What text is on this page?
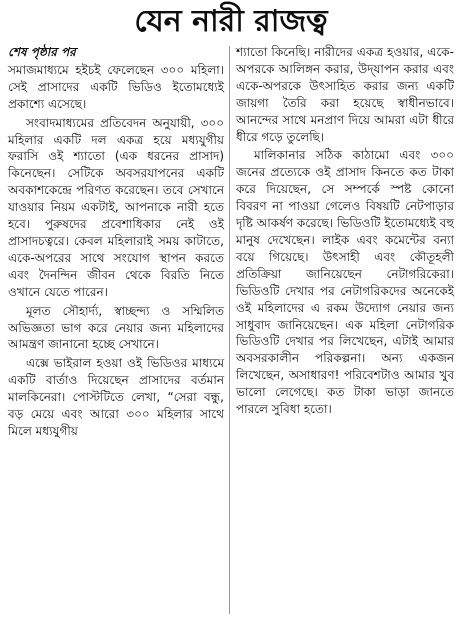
যেন নারী রাজত্ব
শেষ পৃষ্ঠার পর

সমাজমাধ্যমে হইচই ফেলেছেন ৩০০ মহিলা। সেই প্রাসাদের একটি ভিডিও ইতোমধ্যেই প্রকাশ্যে এসেছে।

সংবাদমাধ্যমের প্রতিবেদন অনুযায়ী, ৩০০ মহিলার একটি দল একত্র হয়ে মধ্যযুগীয় ফরাসি ওই শ্যাতো (এক ধরনের প্রাসাদ) কিনেছেন। সেটিকে অবসরযাপনের একটি অবকাশকেন্দ্রে পরিণত করেছেন। তবে সেখানে যাওয়ার নিয়ম একটাই, আপনাকে নারী হতে হবে। পুরুষদের প্রবেশাধিকার নেই ওই প্রাসাদচত্বরে। কেবল মহিলারাই সময় কাটাতে, একে-অপরের সাথে সংযোগ স্থাপন করতে এবং দৈনন্দিন জীবন থেকে বিরতি নিতে ওখানে যেতে পারেন।

মূলত সৌহার্দ্য, স্বাচ্ছন্দ্য ও সম্মিলিত অভিজ্ঞতা ভাগ করে নেয়ার জন্য মহিলাদের আমন্ত্রণ জানানো হচ্ছে সেখানে।

এক্সে ভাইরাল হওয়া ওই ভিডিওর মাধ্যমে একটি বার্তাও দিয়েছেন প্রাসাদের বর্তমান মালকিনেরা। পোস্টটিতে লেখা, “সেরা বন্ধু, বড় মেয়ে এবং আরো ৩০০ মহিলার সাথে মিলে মধ্যযুগীয়

শ্যাতো কিনেছি। নারীদের একত্র হওয়ার, একে-অপরকে আলিঙ্গন করার, উদ্‌যাপন করার এবং একে-অপরকে উৎসাহিত করার জন্য একটি জায়গা তৈরি করা হয়েছে স্বাধীনভাবে। আনন্দের সাথে মনপ্রাণ দিয়ে আমরা এটা ধীরে ধীরে গড়ে তুলেছি।

মালিকানার সঠিক কাঠামো এবং ৩০০ জনের প্রত্যেকে ওই প্রাসাদ কিনতে কত টাকা করে দিয়েছেন, সে সম্পর্কে স্পষ্ট কোনো বিবরণ না পাওয়া গেলেও বিষয়টি নেটপাড়ার দৃষ্টি আকর্ষণ করেছে। ভিডিওটি ইতোমধ্যেই বহু মানুষ দেখেছেন। লাইক এবং কমেন্টের বন্যা বয়ে গিয়েছে। উৎসাহী এবং কৌতূহলী প্রতিক্রিয়া জানিয়েছেন নেটাগরিকেরা। ভিডিওটি দেখার পর নেটাগরিকদের অনেকেই ওই মহিলাদের এ রকম উদ্যোগ নেয়ার জন্য সাধুবাদ জানিয়েছেন। এক মহিলা নেটাগরিক ভিডিওটি দেখার পর লিখেছেন, এটাই আমার অবসরকালীন পরিকল্পনা। অন্য একজন লিখেছেন, অসাধারণ! পরিবেশটাও আমার খুব ভালো লেগেছে। কত টাকা ভাড়া জানতে পারলে সুবিধা হতো।
